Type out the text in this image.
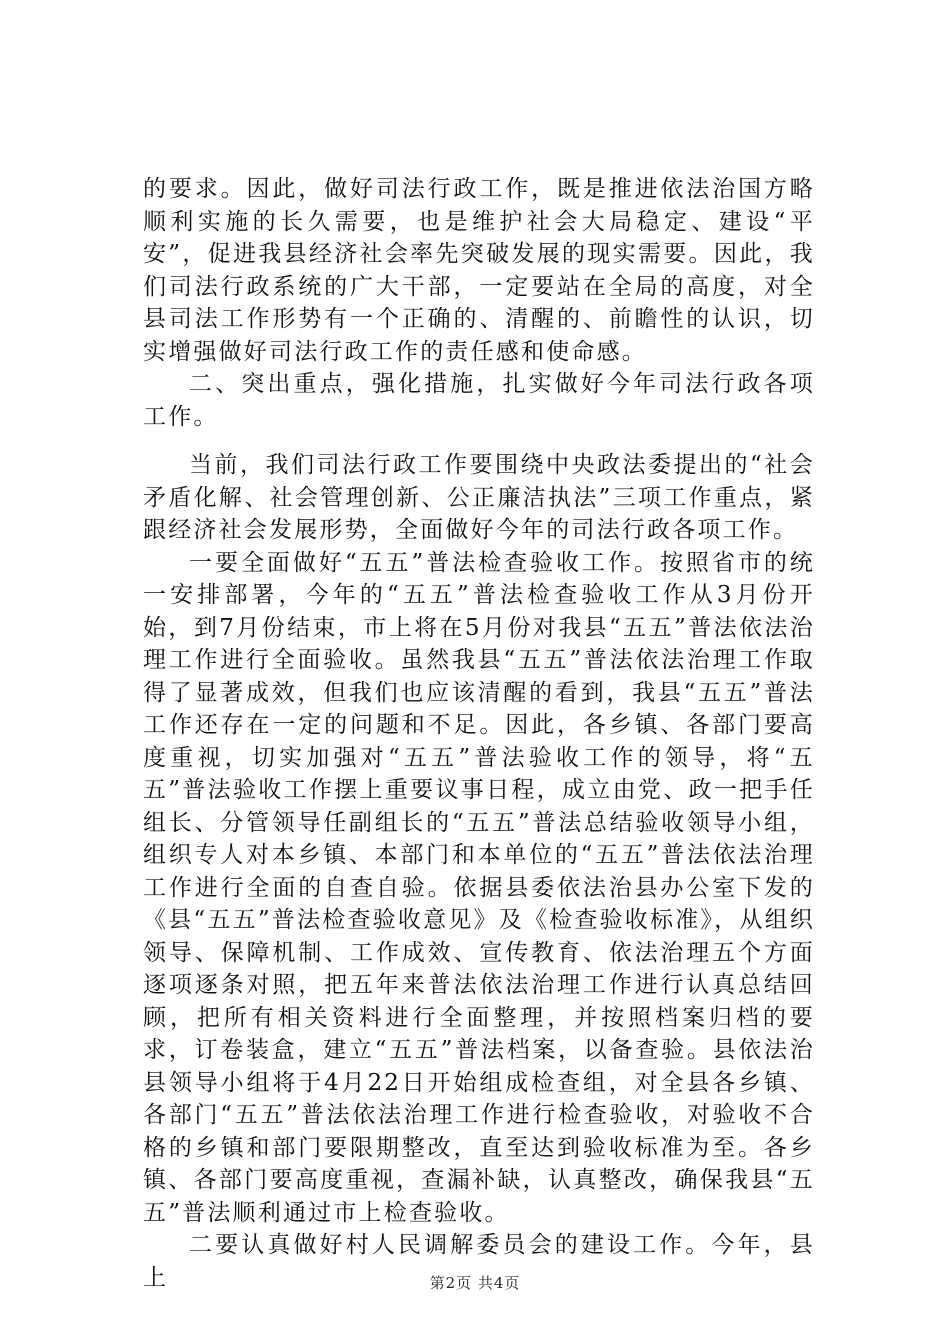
的要求。因此，做好司法行政工作，既是推进依法治国方略顺利实施的长久需要，也是维护社会大局稳定、建设“平安”，促进我县经济社会率先突破发展的现实需要。因此，我们司法行政系统的广大干部，一定要站在全局的高度，对全县司法工作形势有一个正确的、清醒的、前瞻性的认识，切实增强做好司法行政工作的责任感和使命感。

二、突出重点，强化措施，扎实做好今年司法行政各项工作。

当前，我们司法行政工作要围绕中央政法委提出的“社会矛盾化解、社会管理创新、公正廉洁执法”三项工作重点，紧跟经济社会发展形势，全面做好今年的司法行政各项工作。

一要全面做好“五五”普法检查验收工作。按照省市的统一安排部署，今年的“五五”普法检查验收工作从3月份开始，到7月份结束，市上将在5月份对我县“五五”普法依法治理工作进行全面验收。虽然我县“五五”普法依法治理工作取得了显著成效，但我们也应该清醒的看到，我县“五五”普法工作还存在一定的问题和不足。因此，各乡镇、各部门要高度重视，切实加强对“五五”普法验收工作的领导，将“五五”普法验收工作摆上重要议事日程，成立由党、政一把手任组长、分管领导任副组长的“五五”普法总结验收领导小组，组织专人对本乡镇、本部门和本单位的“五五”普法依法治理工作进行全面的自查自验。依据县委依法治县办公室下发的《县“五五”普法检查验收意见》及《检查验收标准》，从组织领导、保障机制、工作成效、宣传教育、依法治理五个方面逐项逐条对照，把五年来普法依法治理工作进行认真总结回顾，把所有相关资料进行全面整理，并按照档案归档的要求，订卷装盒，建立“五五”普法档案，以备查验。县依法治县领导小组将于4月22日开始组成检查组，对全县各乡镇、各部门“五五”普法依法治理工作进行检查验收，对验收不合格的乡镇和部门要限期整改，直至达到验收标准为至。各乡镇、各部门要高度重视，查漏补缺，认真整改，确保我县“五五”普法顺利通过市上检查验收。

二要认真做好村人民调解委员会的建设工作。今年，县上	第2页 共4页
